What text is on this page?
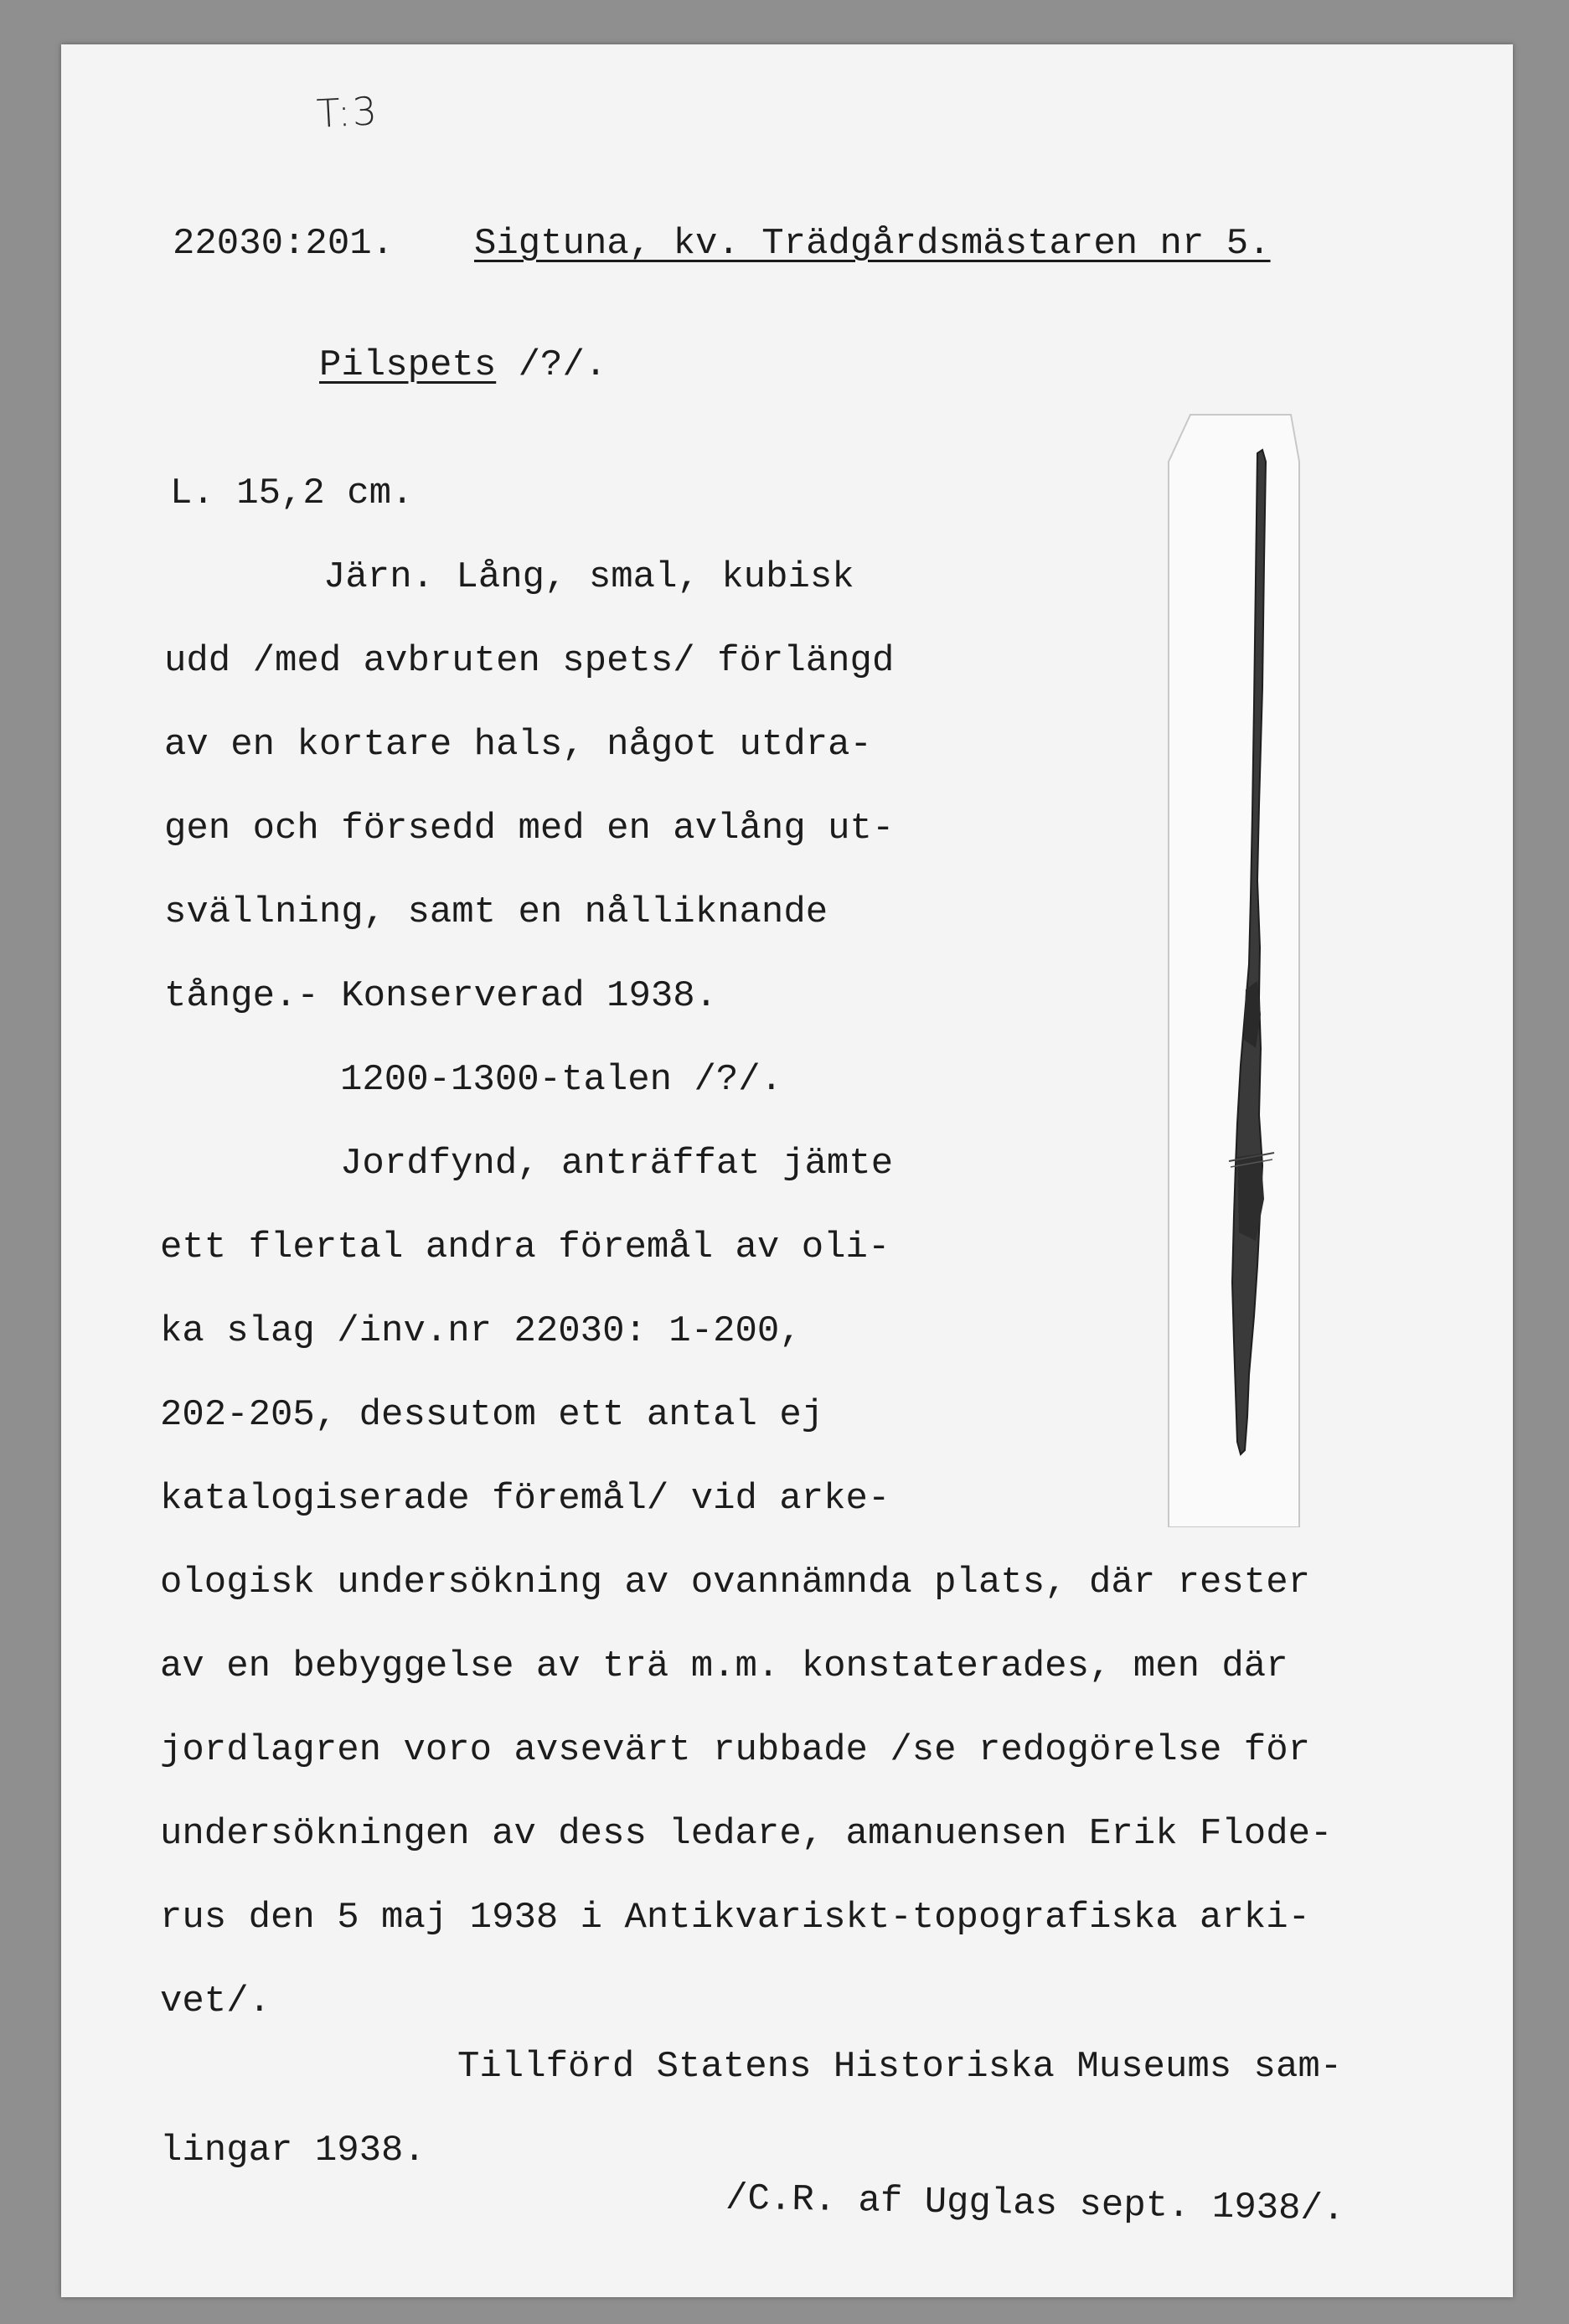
T:3
22030:201. Sigtuna, kv. Trädgårdsmästaren nr 5.
Pilspets /?/.
L. 15,2 cm.
Järn. Lång, smal, kubisk
udd /med avbruten spets/ förlängd
av en kortare hals, något utdra-
gen och försedd med en avlång ut-
svällning, samt en nålliknande
tånge.- Konserverad 1938.
1200-1300-talen /?/.
Jordfynd, anträffat jämte
ett flertal andra föremål av oli-
ka slag /inv.nr 22030: 1-200,
202-205, dessutom ett antal ej
katalogiserade föremål/ vid arke-
ologisk undersökning av ovannämnda plats, där rester
av en bebyggelse av trä m.m. konstaterades, men där
jordlagren voro avsevärt rubbade /se redogörelse för
undersökningen av dess ledare, amanuensen Erik Flode-
rus den 5 maj 1938 i Antikvariskt-topografiska arki-
vet/.
Tillförd Statens Historiska Museums sam-
lingar 1938.
/C.R. af Ugglas sept. 1938/.
